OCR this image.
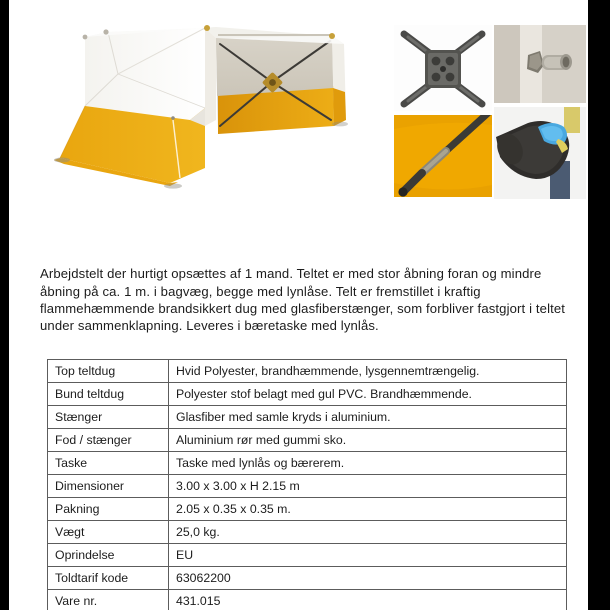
Arbejdstelt der hurtigt opsættes af 1 mand. Teltet er med stor åbning foran og mindre åbning på ca. 1 m. i bagvæg, begge med lynlåse. Telt er fremstillet i kraftig flammehæmmende brandsikkert dug med glasfiberstænger, som forbliver fastgjort i teltet under sammenklapning. Leveres i bæretaske med lynlås.

Top teltdug	Hvid Polyester, brandhæmmende, lysgennemtrængelig.
Bund teltdug	Polyester stof belagt med gul PVC. Brandhæmmende.
Stænger	Glasfiber med samle kryds i aluminium.
Fod / stænger	Aluminium rør med gummi sko.
Taske	Taske med lynlås og bærerem.
Dimensioner	3.00 x 3.00 x H 2.15 m
Pakning	2.05 x 0.35 x 0.35 m.
Vægt	25,0 kg.
Oprindelse	EU
Toldtarif kode	63062200
Vare nr.	431.015
